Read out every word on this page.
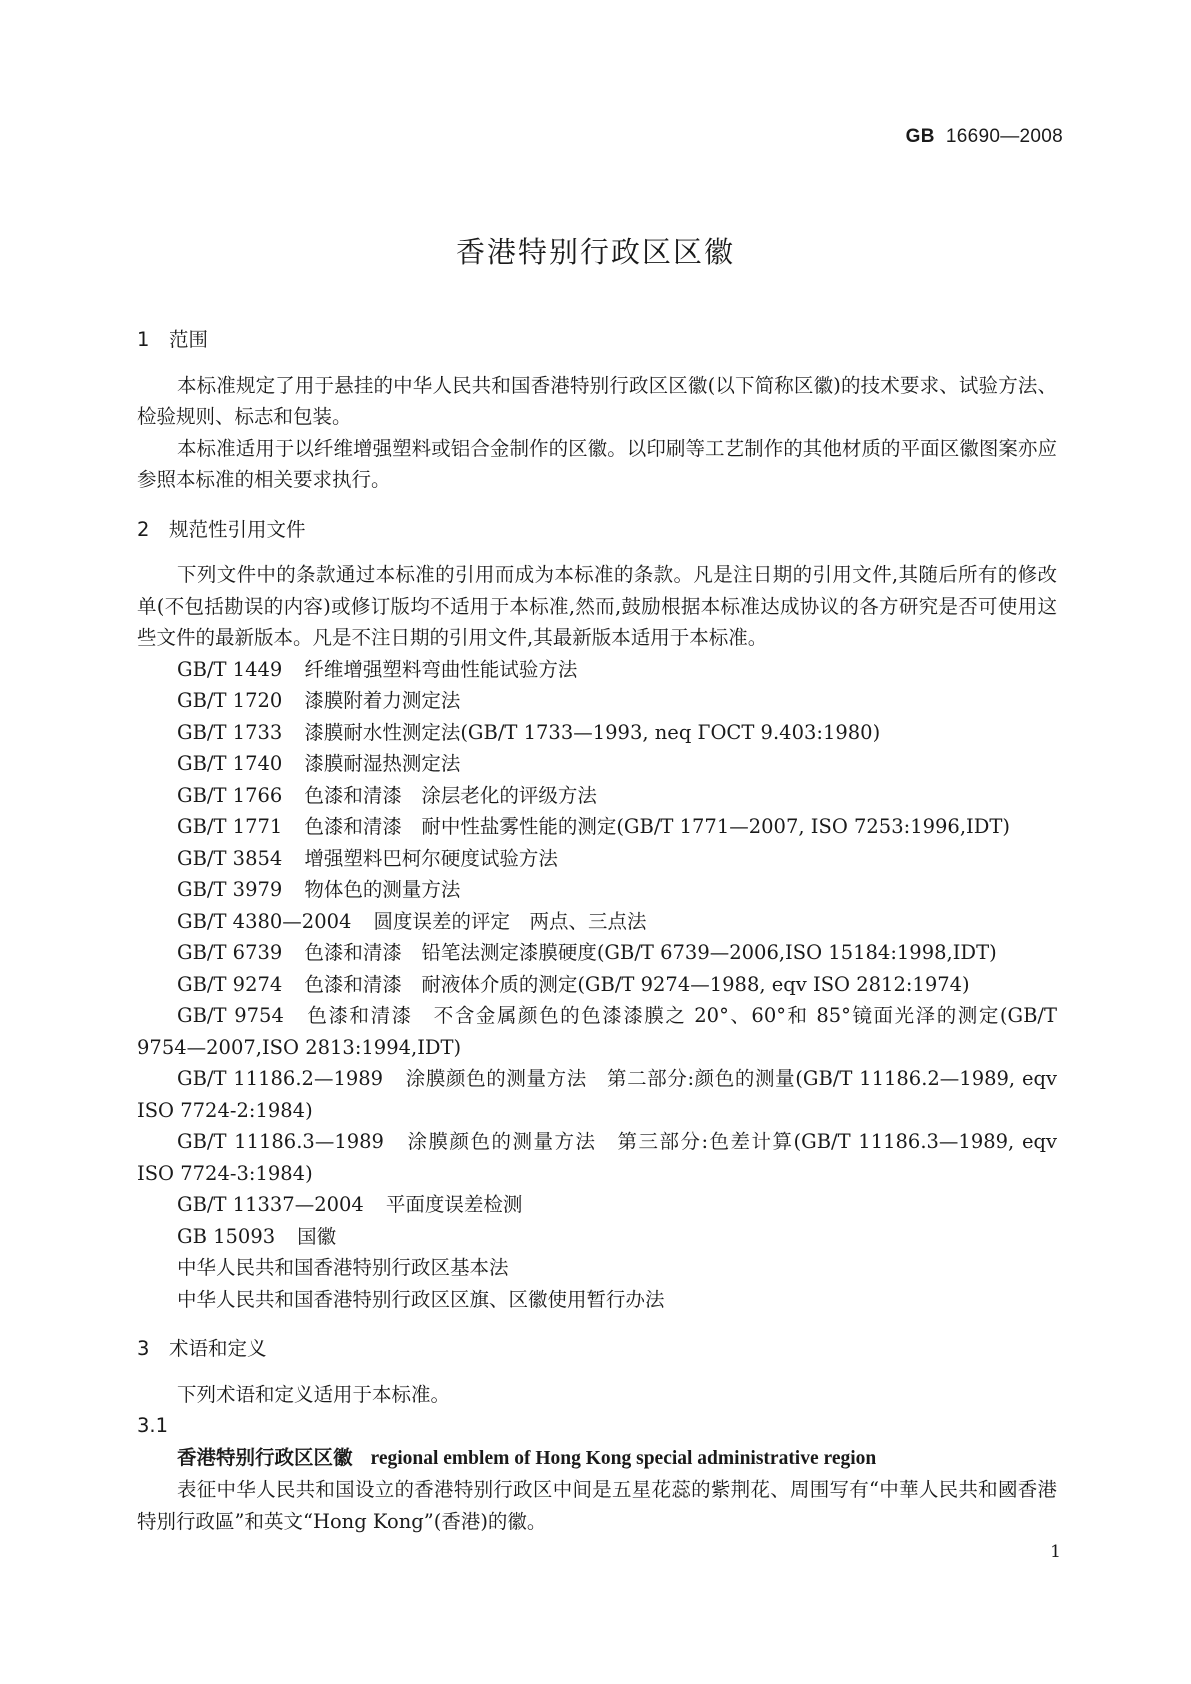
GB 16690—2008
香港特别行政区区徽
1 范围

本标准规定了用于悬挂的中华人民共和国香港特别行政区区徽(以下简称区徽)的技术要求、试验方法、检验规则、标志和包装。

本标准适用于以纤维增强塑料或铝合金制作的区徽。以印刷等工艺制作的其他材质的平面区徽图案亦应参照本标准的相关要求执行。

2 规范性引用文件

下列文件中的条款通过本标准的引用而成为本标准的条款。凡是注日期的引用文件,其随后所有的修改单(不包括勘误的内容)或修订版均不适用于本标准,然而,鼓励根据本标准达成协议的各方研究是否可使用这些文件的最新版本。凡是不注日期的引用文件,其最新版本适用于本标准。

GB/T 1449 纤维增强塑料弯曲性能试验方法

GB/T 1720 漆膜附着力测定法

GB/T 1733 漆膜耐水性测定法(GB/T 1733—1993, neq ГОСТ 9.403:1980)

GB/T 1740 漆膜耐湿热测定法

GB/T 1766 色漆和清漆　涂层老化的评级方法

GB/T 1771 色漆和清漆　耐中性盐雾性能的测定(GB/T 1771—2007, ISO 7253:1996,IDT)

GB/T 3854 增强塑料巴柯尔硬度试验方法

GB/T 3979 物体色的测量方法

GB/T 4380—2004 圆度误差的评定　两点、三点法

GB/T 6739 色漆和清漆　铅笔法测定漆膜硬度(GB/T 6739—2006,ISO 15184:1998,IDT)

GB/T 9274 色漆和清漆　耐液体介质的测定(GB/T 9274—1988, eqv ISO 2812:1974)

GB/T 9754 色漆和清漆　不含金属颜色的色漆漆膜之 20°、60°和 85°镜面光泽的测定(GB/T 9754—2007,ISO 2813:1994,IDT)

GB/T 11186.2—1989 涂膜颜色的测量方法　第二部分:颜色的测量(GB/T 11186.2—1989, eqv ISO 7724-2:1984)

GB/T 11186.3—1989 涂膜颜色的测量方法　第三部分:色差计算(GB/T 11186.3—1989, eqv ISO 7724-3:1984)

GB/T 11337—2004 平面度误差检测

GB 15093 国徽

中华人民共和国香港特别行政区基本法

中华人民共和国香港特别行政区区旗、区徽使用暂行办法

3 术语和定义

下列术语和定义适用于本标准。

3.1
香港特别行政区区徽 regional emblem of Hong Kong special administrative region

表征中华人民共和国设立的香港特别行政区中间是五星花蕊的紫荆花、周围写有“中華人民共和國香港特別行政區”和英文“Hong Kong”(香港)的徽。

1
